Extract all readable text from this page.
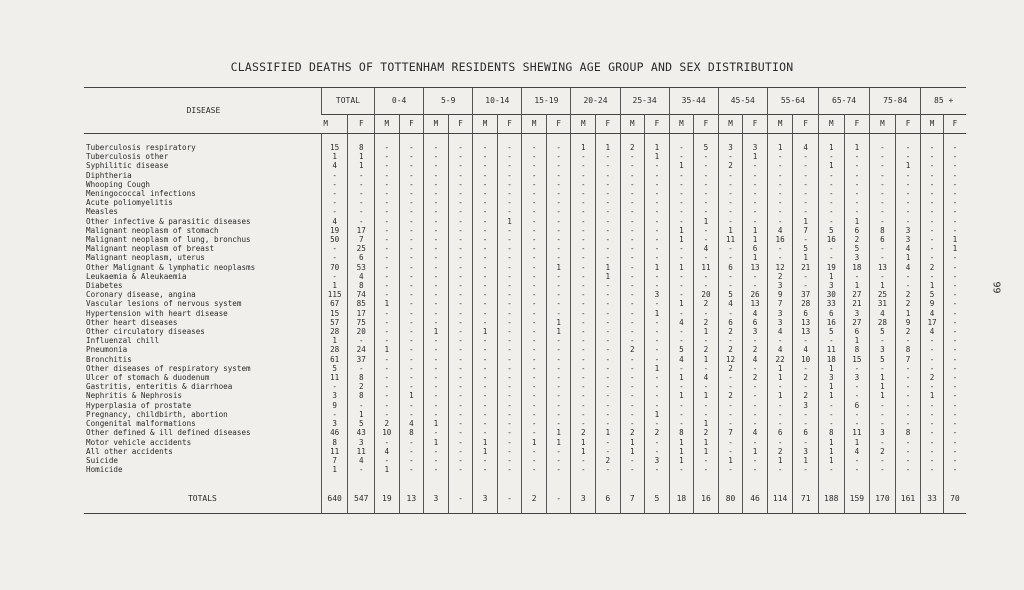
CLASSIFIED DEATHS OF TOTTENHAM RESIDENTS SHEWING AGE GROUP AND SEX DISTRIBUTION
99
DISEASE	TOTAL		0-4		5-9		10-14		15-19		20-24		25-34		35-44		45-54		55-64		65-74		75-84		85 +	
	M	F	M	F	M	F	M	F	M	F	M	F	M	F	M	F	M	F	M	F	M	F	M	F	M	F

Tuberculosis respiratory	15	8	-	-	-	-	-	-	-	-	1	1	2	1	-	5	3	3	1	4	1	1	-	-	-	-
Tuberculosis other	1	1	-	-	-	-	-	-	-	-	-	-	-	1	-	-	-	1	-	-	-	-	-	-	-	-
Syphilitic disease	4	1	-	-	-	-	-	-	-	-	-	-	-	-	1	-	2	-	-	-	1	-	-	1	-	-
Diphtheria	-	-	-	-	-	-	-	-	-	-	-	-	-	-	-	-	-	-	-	-	-	-	-	-	-	-
Whooping Cough	-	-	-	-	-	-	-	-	-	-	-	-	-	-	-	-	-	-	-	-	-	-	-	-	-	-
Meningococcal infections	-	-	-	-	-	-	-	-	-	-	-	-	-	-	-	-	-	-	-	-	-	-	-	-	-	-
Acute poliomyelitis	-	-	-	-	-	-	-	-	-	-	-	-	-	-	-	-	-	-	-	-	-	-	-	-	-	-
Measles	-	-	-	-	-	-	-	-	-	-	-	-	-	-	-	-	-	-	-	-	-	-	-	-	-	-
Other infective & parasitic diseases	4	-	-	-	-	-	-	1	-	-	-	-	-	-	-	1	-	-	-	1	-	1	-	-	-	-
Malignant neoplasm of stomach	19	17	-	-	-	-	-	-	-	-	-	-	-	-	1	-	1	1	4	7	5	6	8	3	-	-
Malignant neoplasm of lung, bronchus	50	7	-	-	-	-	-	-	-	-	-	-	-	-	1	-	11	1	16	-	16	2	6	3	-	1
Malignant neoplasm of breast	-	25	-	-	-	-	-	-	-	-	-	-	-	-	-	4	-	6	-	5	-	5	-	4	-	1
Malignant neoplasm, uterus	-	6	-	-	-	-	-	-	-	-	-	-	-	-	-	-	-	1	-	1	-	3	-	1	-	-
Other Malignant & lymphatic neoplasms	70	53	-	-	-	-	-	-	-	1	-	1	-	1	1	11	6	13	12	21	19	18	13	4	2	-
Leukaemia & Aleukaemia	-	4	-	-	-	-	-	-	-	-	-	1	-	-	-	-	-	-	2	-	1	-	-	-	-	-
Diabetes	1	8	-	-	-	-	-	-	-	-	-	-	-	-	-	-	-	-	3	-	3	1	1	-	1	-
Coronary disease, angina	115	74	-	-	-	-	-	-	-	-	-	-	-	3	-	20	5	26	9	37	30	27	25	2	5	-
Vascular lesions of nervous system	67	85	1	-	-	-	-	-	-	-	-	-	-	-	1	2	4	13	7	28	33	21	31	2	9	-
Hypertension with heart disease	15	17	-	-	-	-	-	-	-	-	-	-	-	1	-	-	-	4	3	6	6	3	4	1	4	-
Other heart diseases	57	75	-	-	-	-	-	-	-	1	-	-	-	-	4	2	6	6	3	13	16	27	28	9	17	-
Other circulatory diseases	28	20	-	-	1	-	1	-	-	1	-	-	-	-	-	1	2	3	4	13	5	6	5	2	4	-
Influenzal chill	1	-	-	-	-	-	-	-	-	-	-	-	-	-	-	-	-	-	-	-	-	1	-	-	-	-
Pneumonia	28	24	1	-	-	-	-	-	-	-	-	-	2	-	5	2	2	2	4	4	11	8	3	8	-	-
Bronchitis	61	37	-	-	-	-	-	-	-	-	-	-	-	-	4	1	12	4	22	10	18	15	5	7	-	-
Other diseases of respiratory system	5	-	-	-	-	-	-	-	-	-	-	-	-	1	-	-	2	-	1	-	1	-	-	-	-	-
Ulcer of stomach & duodenum	11	8	-	-	-	-	-	-	-	-	-	-	-	-	1	4	-	2	1	2	3	3	1	-	2	-
Gastritis, enteritis & diarrhoea	-	2	-	-	-	-	-	-	-	-	-	-	-	-	-	-	-	-	-	-	1	-	1	-	-	-
Nephritis & Nephrosis	3	8	-	1	-	-	-	-	-	-	-	-	-	-	1	1	2	-	1	2	1	-	1	-	1	-
Hyperplasia of prostate	9	-	-	-	-	-	-	-	-	-	-	-	-	-	-	-	-	-	-	3	-	6	-	-	-	-
Pregnancy, childbirth, abortion	-	1	-	-	-	-	-	-	-	-	-	-	-	1	-	-	-	-	-	-	-	-	-	-	-	-
Congenital malformations	3	5	2	4	1	-	-	-	-	-	-	-	-	-	-	1	-	-	-	-	-	-	-	-	-	-
Other defined & ill defined diseases	46	43	10	8	-	-	-	-	-	1	2	1	2	2	8	2	7	4	6	6	8	11	3	8	-	-
Motor vehicle accidents	8	3	-	-	1	-	1	-	1	1	1	-	1	-	1	1	-	-	-	-	1	1	-	-	-	-
All other accidents	11	11	4	-	-	-	1	-	-	-	1	-	1	-	1	1	-	1	2	3	1	4	2	-	-	-
Suicide	7	4	-	-	-	-	-	-	-	-	-	2	-	3	1	-	1	-	1	1	1	-	-	-	-	-
Homicide	1	-	1	-	-	-	-	-	-	-	-	-	-	-	-	-	-	-	-	-	-	-	-	-	-	-

TOTALS	640	547	19	13	3	-	3	-	2	-	3	6	7	5	18	16	80	46	114	71	188	159	170	161	33	70
